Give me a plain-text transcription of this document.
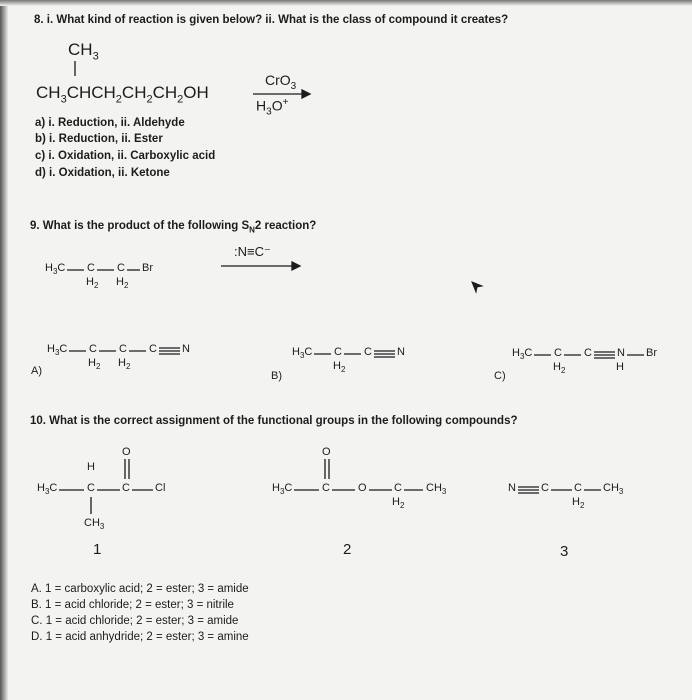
8. i. What kind of reaction is given below? ii. What is the class of compound it creates?
$CH_3$
$CH_3CHCH_2CH_2CH_2OH$
CrO$_3$
$H_3O^+$
a) i. Reduction, ii. Aldehyde
b) i. Reduction, ii. Ester
c) i. Oxidation, ii. Carboxylic acid
d) i. Oxidation, ii. Ketone
9. What is the product of the following $S_N2$ reaction?
:N≡C⁻
$H_3C$ C C Br
$H_2$ $H_2$
$H_3C$ C C C N
$H_2$ $H_2$
A)
$H_3C$ C C N
$H_2$
B)
$H_3C$ C C N Br
$H_2$	H
C)
10. What is the correct assignment of the functional groups in the following compounds?
O
H
$H_3C$	C C Cl
$CH_3$
1
O
$H_3C$	C	O C $CH_3$
$H_2$
2
N C C $CH_3$
$H_2$
3
A. 1 = carboxylic acid; 2 = ester; 3 = amide
B. 1 = acid chloride; 2 = ester; 3 = nitrile
C. 1 = acid chloride; 2 = ester; 3 = amide
D. 1 = acid anhydride; 2 = ester; 3 = amine
